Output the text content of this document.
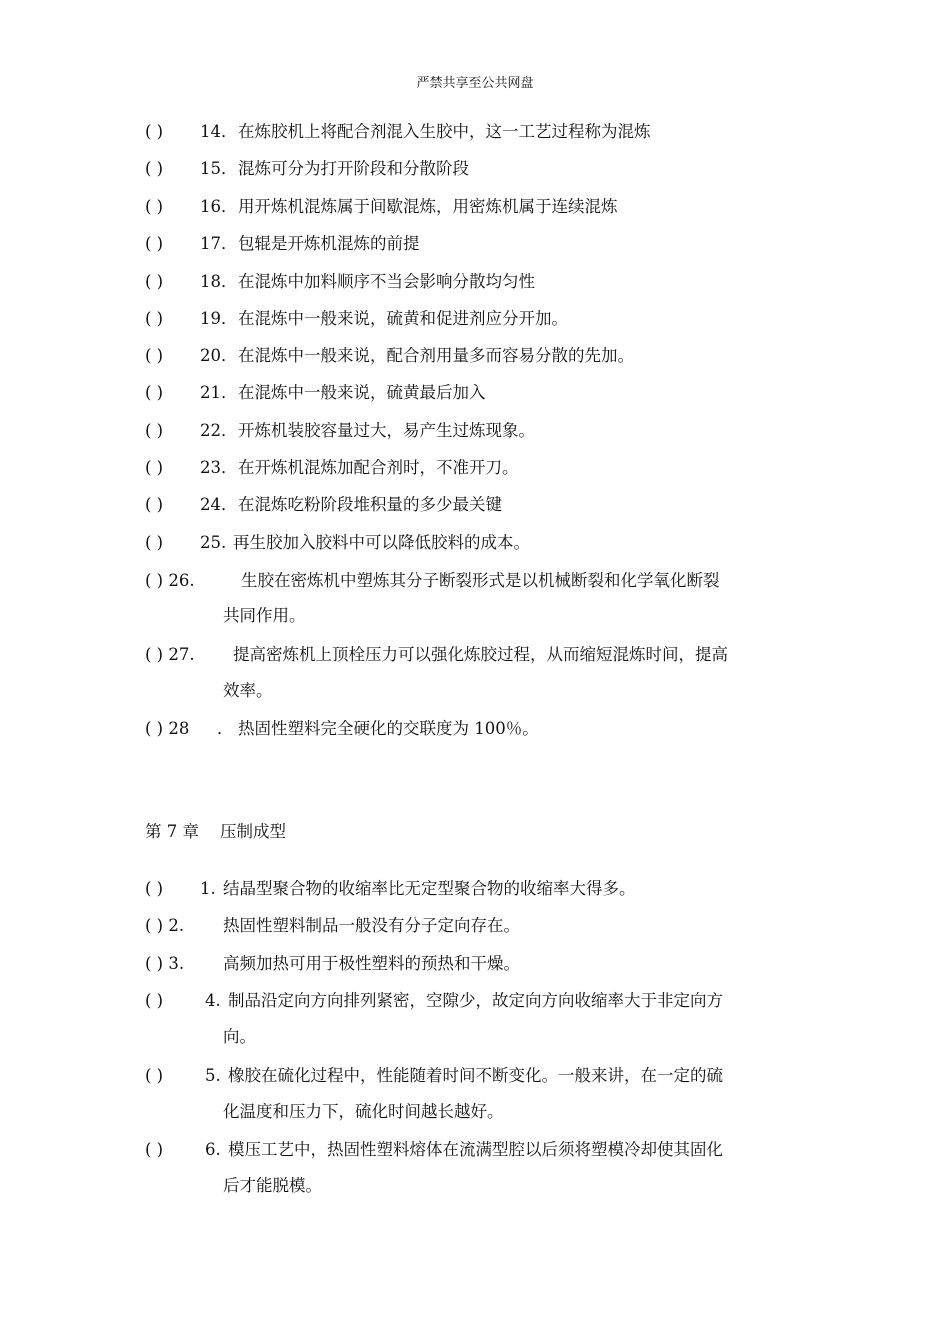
严禁共享至公共网盘
( ) 14． 在炼胶机上将配合剂混入生胶中，这一工艺过程称为混炼
( ) 15． 混炼可分为打开阶段和分散阶段
( ) 16． 用开炼机混炼属于间歇混炼，用密炼机属于连续混炼
( ) 17． 包辊是开炼机混炼的前提
( ) 18． 在混炼中加料顺序不当会影响分散均匀性
( ) 19． 在混炼中一般来说，硫黄和促进剂应分开加。
( ) 20． 在混炼中一般来说，配合剂用量多而容易分散的先加。
( ) 21． 在混炼中一般来说，硫黄最后加入
( ) 22． 开炼机装胶容量过大，易产生过炼现象。
( ) 23． 在开炼机混炼加配合剂时，不准开刀。
( ) 24． 在混炼吃粉阶段堆积量的多少最关键
( ) 25. 再生胶加入胶料中可以降低胶料的成本。
( ) 26.	生胶在密炼机中塑炼其分子断裂形式是以机械断裂和化学氧化断裂
共同作用。
( ) 27. 提高密炼机上顶栓压力可以强化炼胶过程，从而缩短混炼时间，提高
效率。
( ) 28 ． 热固性塑料完全硬化的交联度为 100％。
第 7 章    压制成型
( ) 1. 结晶型聚合物的收缩率比无定型聚合物的收缩率大得多。
( ) 2. 热固性塑料制品一般没有分子定向存在。
( ) 3. 高频加热可用于极性塑料的预热和干燥。
( )	4. 制品沿定向方向排列紧密，空隙少，故定向方向收缩率大于非定向方
向。
( )	5. 橡胶在硫化过程中，性能随着时间不断变化。一般来讲，在一定的硫
化温度和压力下，硫化时间越长越好。
( )	6. 模压工艺中，热固性塑料熔体在流满型腔以后须将塑模冷却使其固化
后才能脱模。
